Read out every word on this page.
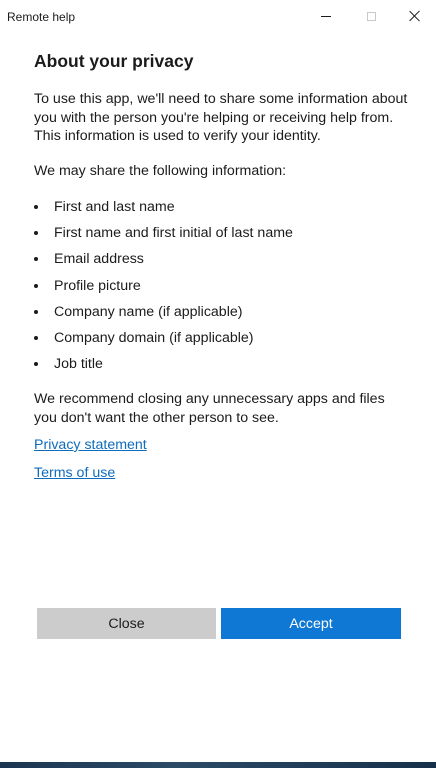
Remote help
About your privacy

To use this app, we'll need to share some information about you with the person you're helping or receiving help from. This information is used to verify your identity.

We may share the following information:

First and last name
First name and first initial of last name
Email address
Profile picture
Company name (if applicable)
Company domain (if applicable)
Job title

We recommend closing any unnecessary apps and files you don't want the other person to see.

Privacy statement
Terms of use
Close	Accept
